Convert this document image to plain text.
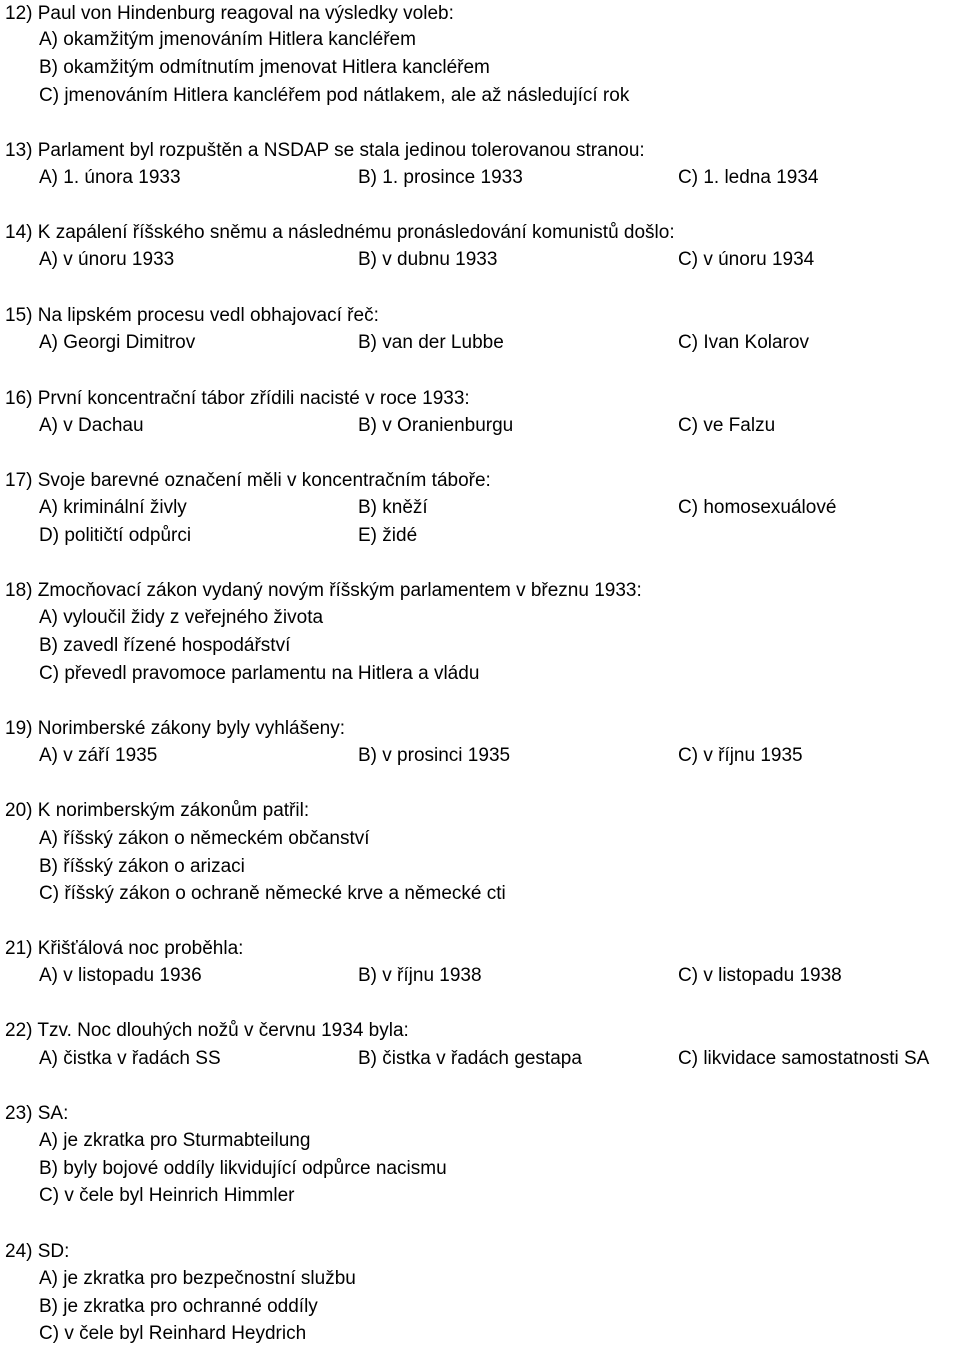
12) Paul von Hindenburg reagoval na výsledky voleb:
A) okamžitým jmenováním Hitlera kancléřem
B) okamžitým odmítnutím jmenovat Hitlera kancléřem
C) jmenováním Hitlera kancléřem pod nátlakem, ale až následující rok
13) Parlament byl rozpuštěn a NSDAP se stala jedinou tolerovanou stranou:
A) 1. února 1933	B) 1. prosince 1933	C) 1. ledna 1934
14) K zapálení říšského sněmu a následnému pronásledování komunistů došlo:
A) v únoru 1933	B) v dubnu 1933	C) v únoru 1934
15) Na lipském procesu vedl obhajovací řeč:
A) Georgi Dimitrov	B) van der Lubbe	C) Ivan Kolarov
16) První koncentrační tábor zřídili nacisté v roce 1933:
A) v Dachau	B) v Oranienburgu	C) ve Falzu
17) Svoje barevné označení měli v koncentračním táboře:
A) kriminální živly	B) kněží	C) homosexuálové
D) političtí odpůrci	E) židé
18) Zmocňovací zákon vydaný novým říšským parlamentem v březnu 1933:
A) vyloučil židy z veřejného života
B) zavedl řízené hospodářství
C) převedl pravomoce parlamentu na Hitlera a vládu
19) Norimberské zákony byly vyhlášeny:
A) v září 1935	B) v prosinci 1935	C) v říjnu 1935
20) K norimberským zákonům patřil:
A) říšský zákon o německém občanství
B) říšský zákon o arizaci
C) říšský zákon o ochraně německé krve a německé cti
21) Křišťálová noc proběhla:
A) v listopadu 1936	B) v říjnu 1938	C) v listopadu 1938
22) Tzv. Noc dlouhých nožů v červnu 1934 byla:
A) čistka v řadách SS	B) čistka v řadách gestapa	C) likvidace samostatnosti SA
23) SA:
A) je zkratka pro Sturmabteilung
B) byly bojové oddíly likvidující odpůrce nacismu
C) v čele byl Heinrich Himmler
24) SD:
A) je zkratka pro bezpečnostní službu
B) je zkratka pro ochranné oddíly
C) v čele byl Reinhard Heydrich
